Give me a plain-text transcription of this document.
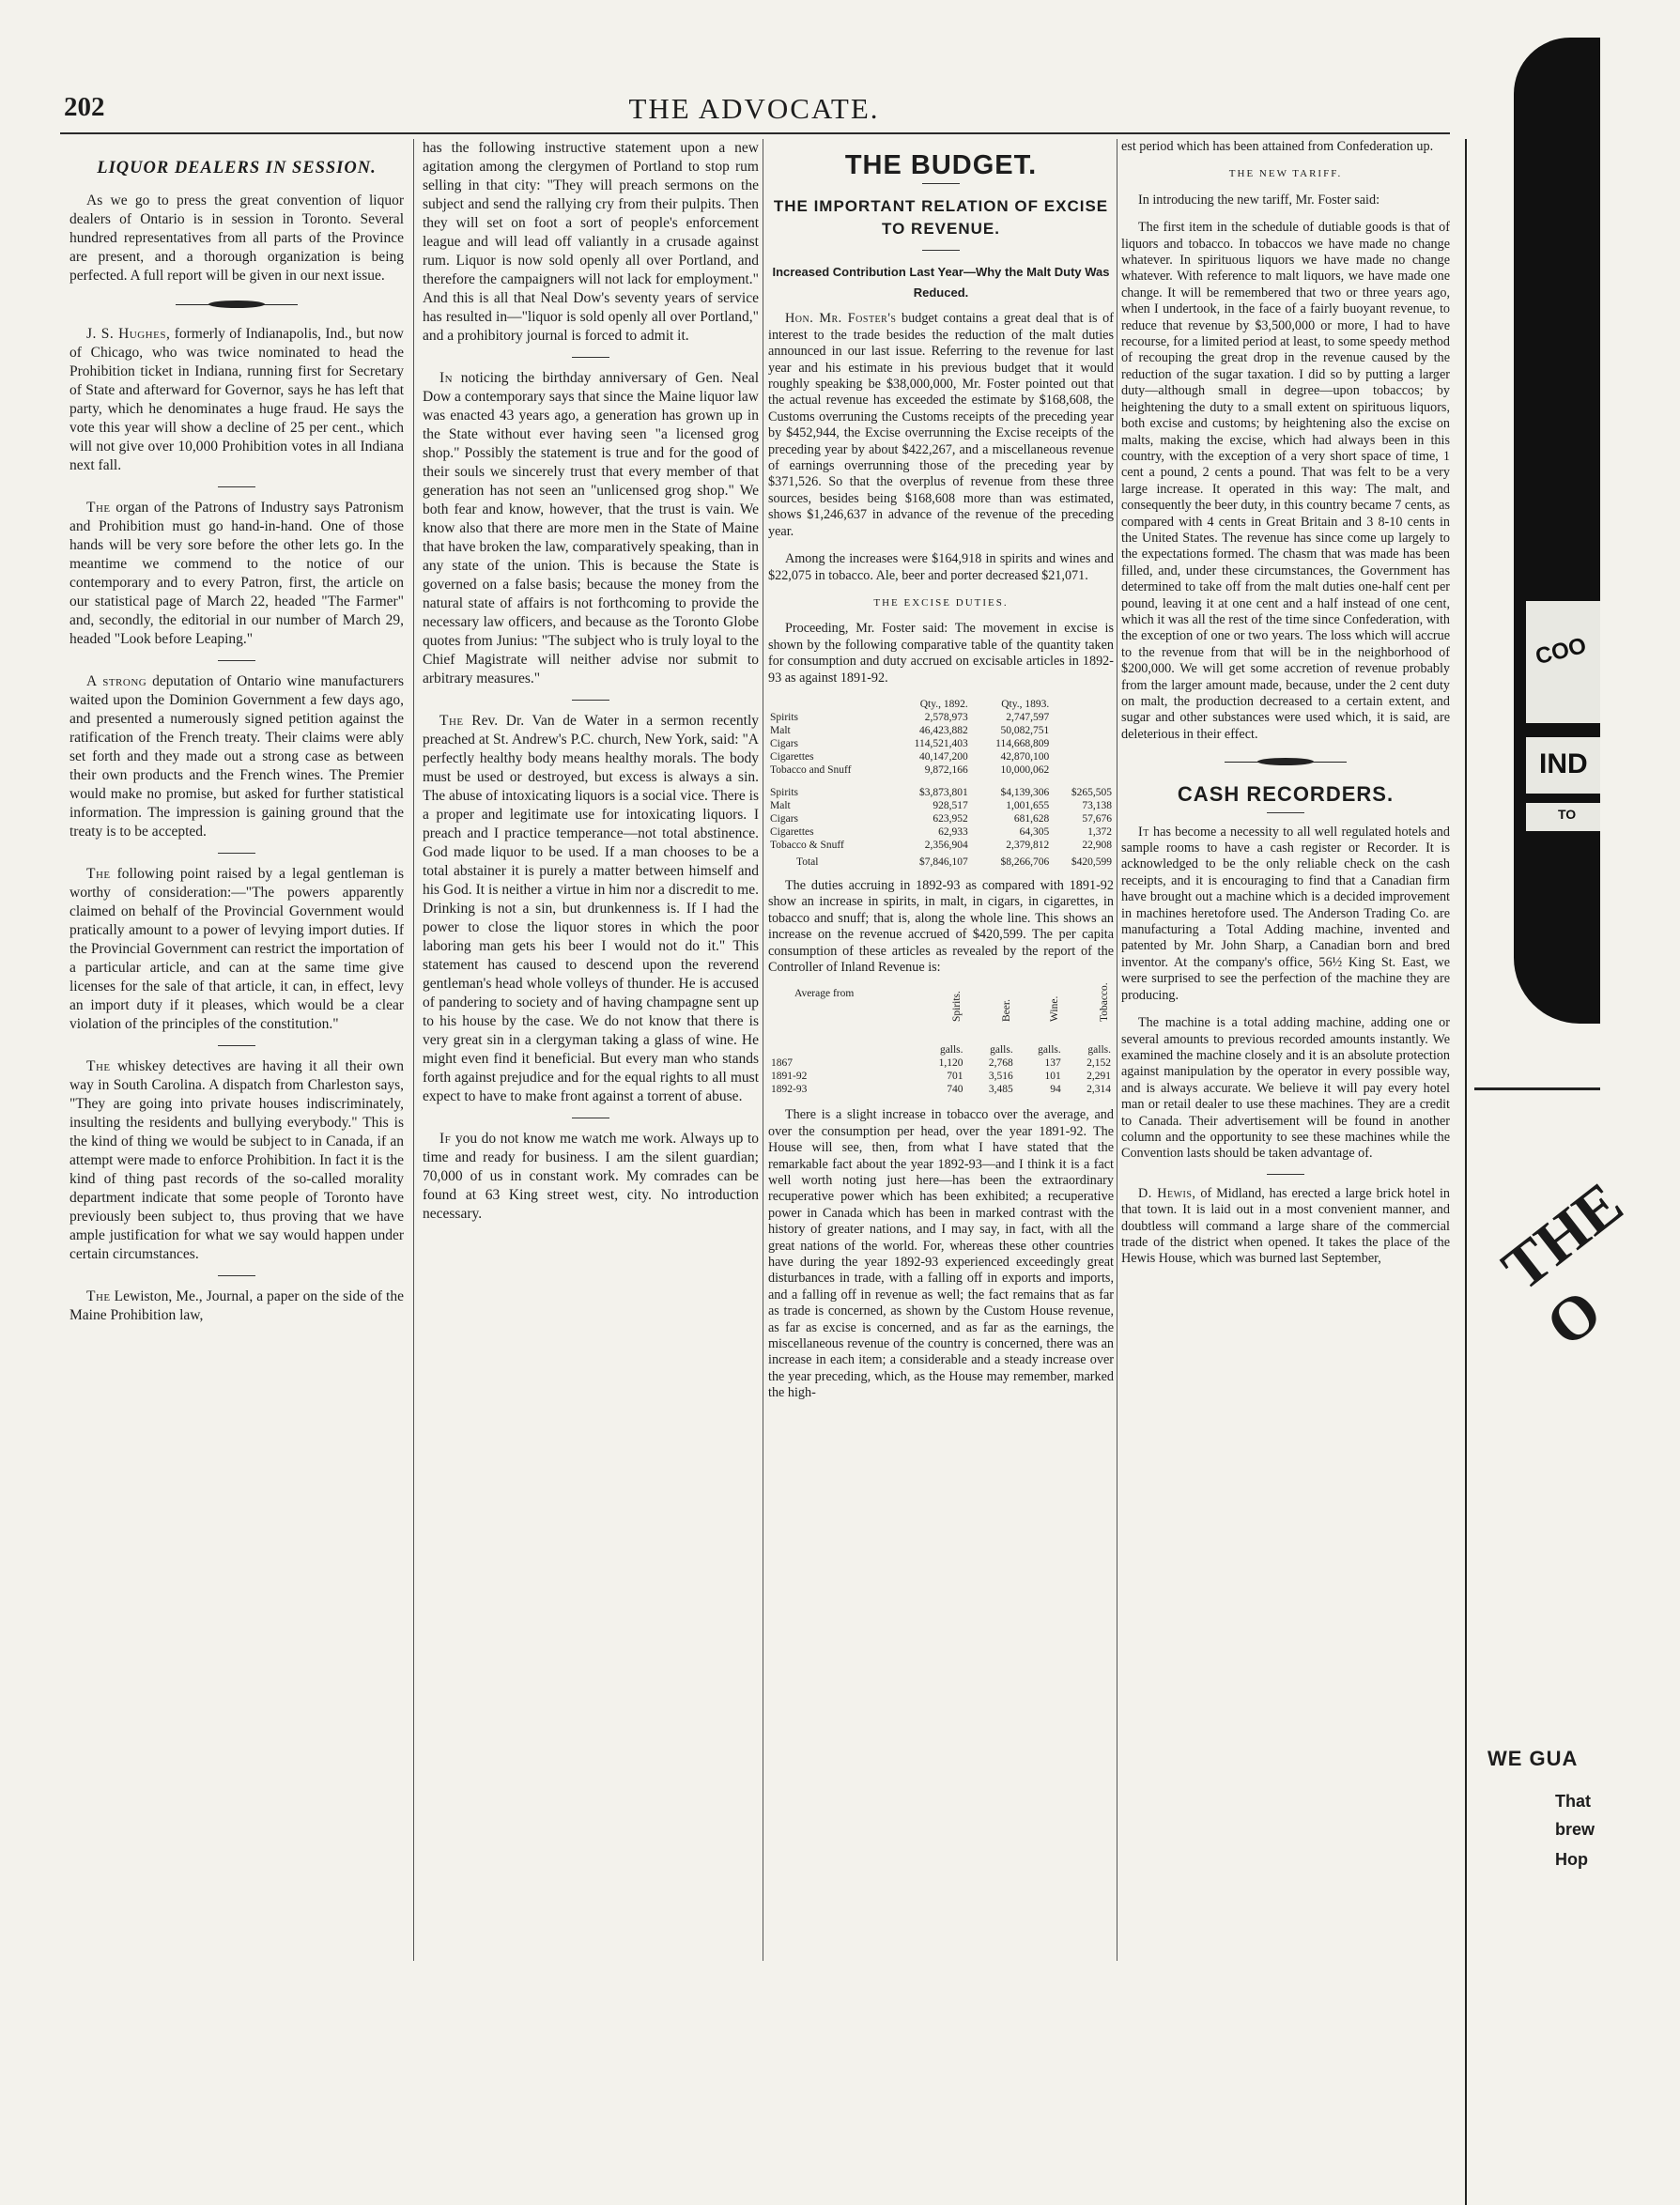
202	THE ADVOCATE.
LIQUOR DEALERS IN SESSION.

As we go to press the great convention of liquor dealers of Ontario is in session in Toronto. Several hundred representatives from all parts of the Province are present, and a thorough organization is being perfected. A full report will be given in our next issue.

J. S. Hughes, formerly of Indianapolis, Ind., but now of Chicago, who was twice nominated to head the Prohibition ticket in Indiana, running first for Secretary of State and afterward for Governor, says he has left that party, which he denominates a huge fraud. He says the vote this year will show a decline of 25 per cent., which will not give over 10,000 Prohibition votes in all Indiana next fall.

The organ of the Patrons of Industry says Patronism and Prohibition must go hand-in-hand. One of those hands will be very sore before the other lets go. In the meantime we commend to the notice of our contemporary and to every Patron, first, the article on our statistical page of March 22, headed "The Farmer" and, secondly, the editorial in our number of March 29, headed "Look before Leaping."

A strong deputation of Ontario wine manufacturers waited upon the Dominion Government a few days ago, and presented a numerously signed petition against the ratification of the French treaty. Their claims were ably set forth and they made out a strong case as between their own products and the French wines. The Premier would make no promise, but asked for further statistical information. The impression is gaining ground that the treaty is to be accepted.

The following point raised by a legal gentleman is worthy of consideration:—"The powers apparently claimed on behalf of the Provincial Government would pratically amount to a power of levying import duties. If the Provincial Government can restrict the importation of a particular article, and can at the same time give licenses for the sale of that article, it can, in effect, levy an import duty if it pleases, which would be a clear violation of the principles of the constitution."

The whiskey detectives are having it all their own way in South Carolina. A dispatch from Charleston says, "They are going into private houses indiscriminately, insulting the residents and bullying everybody." This is the kind of thing we would be subject to in Canada, if an attempt were made to enforce Prohibition. In fact it is the kind of thing past records of the so-called morality department indicate that some people of Toronto have previously been subject to, thus proving that we have ample justification for what we say would happen under certain circumstances.

The Lewiston, Me., Journal, a paper on the side of the Maine Prohibition law,

has the following instructive statement upon a new agitation among the clergymen of Portland to stop rum selling in that city: "They will preach sermons on the subject and send the rallying cry from their pulpits. Then they will set on foot a sort of people's enforcement league and will lead off valiantly in a crusade against rum. Liquor is now sold openly all over Portland, and therefore the campaigners will not lack for employment." And this is all that Neal Dow's seventy years of service has resulted in—"liquor is sold openly all over Portland," and a prohibitory journal is forced to admit it.

In noticing the birthday anniversary of Gen. Neal Dow a contemporary says that since the Maine liquor law was enacted 43 years ago, a generation has grown up in the State without ever having seen "a licensed grog shop." Possibly the statement is true and for the good of their souls we sincerely trust that every member of that generation has not seen an "unlicensed grog shop." We both fear and know, however, that the trust is vain. We know also that there are more men in the State of Maine that have broken the law, comparatively speaking, than in any state of the union. This is because the State is governed on a false basis; because the money from the natural state of affairs is not forthcoming to provide the necessary law officers, and because as the Toronto Globe quotes from Junius: "The subject who is truly loyal to the Chief Magistrate will neither advise nor submit to arbitrary measures."

The Rev. Dr. Van de Water in a sermon recently preached at St. Andrew's P.C. church, New York, said: "A perfectly healthy body means healthy morals. The body must be used or destroyed, but excess is always a sin. The abuse of intoxicating liquors is a social vice. There is a proper and legitimate use for intoxicating liquors. I preach and I practice temperance—not total abstinence. God made liquor to be used. If a man chooses to be a total abstainer it is purely a matter between himself and his God. It is neither a virtue in him nor a discredit to me. Drinking is not a sin, but drunkenness is. If I had the power to close the liquor stores in which the poor laboring man gets his beer I would not do it." This statement has caused to descend upon the reverend gentleman's head whole volleys of thunder. He is accused of pandering to society and of having champagne sent up to his house by the case. We do not know that there is very great sin in a clergyman taking a glass of wine. He might even find it beneficial. But every man who stands forth against prejudice and for the equal rights to all must expect to have to make front against a torrent of abuse.

If you do not know me watch me work. Always up to time and ready for business. I am the silent guardian; 70,000 of us in constant work. My comrades can be found at 63 King street west, city. No introduction necessary.

THE BUDGET.
THE IMPORTANT RELATION OF EXCISE TO REVENUE.
Increased Contribution Last Year—Why the Malt Duty Was Reduced.

Hon. Mr. Foster's budget contains a great deal that is of interest to the trade besides the reduction of the malt duties announced in our last issue. Referring to the revenue for last year and his estimate in his previous budget that it would roughly speaking be $38,000,000, Mr. Foster pointed out that the actual revenue has exceeded the estimate by $168,608, the Customs overruning the Customs receipts of the preceding year by $452,944, the Excise overrunning the Excise receipts of the preceding year by about $422,267, and a miscellaneous revenue of earnings overrunning those of the preceding year by $371,526. So that the overplus of revenue from these three sources, besides being $168,608 more than was estimated, shows $1,246,637 in advance of the revenue of the preceding year.

Among the increases were $164,918 in spirits and wines and $22,075 in tobacco. Ale, beer and porter decreased $21,071.

THE EXCISE DUTIES.

Proceeding, Mr. Foster said: The movement in excise is shown by the following comparative table of the quantity taken for consumption and duty accrued on excisable articles in 1892-93 as against 1891-92.

	Qty., 1892.	Qty., 1893.	
Spirits	2,578,973	2,747,597	
Malt	46,423,882	50,082,751	
Cigars	114,521,403	114,668,809	
Cigarettes	40,147,200	42,870,100	
Tobacco and Snuff	9,872,166	10,000,062	
Spirits	$3,873,801	$4,139,306	$265,505
Malt	928,517	1,001,655	73,138
Cigars	623,952	681,628	57,676
Cigarettes	62,933	64,305	1,372
Tobacco & Snuff	2,356,904	2,379,812	22,908
Total	$7,846,107	$8,266,706	$420,599

The duties accruing in 1892-93 as compared with 1891-92 show an increase in spirits, in malt, in cigars, in cigarettes, in tobacco and snuff; that is, along the whole line. This shows an increase on the revenue accrued of $420,599. The per capita consumption of these articles as revealed by the report of the Controller of Inland Revenue is:

Average from	Spirits.	Beer.	Wine.	Tobacco.
	galls.	galls.	galls.	galls.
1867	1,120	2,768	137	2,152
1891-92	701	3,516	101	2,291
1892-93	740	3,485	94	2,314

There is a slight increase in tobacco over the average, and over the consumption per head, over the year 1891-92. The House will see, then, from what I have stated that the remarkable fact about the year 1892-93—and I think it is a fact well worth noting just here—has been the extraordinary recuperative power which has been exhibited; a recuperative power in Canada which has been in marked contrast with the history of greater nations, and I may say, in fact, with all the great nations of the world. For, whereas these other countries have during the year 1892-93 experienced exceedingly great disturbances in trade, with a falling off in exports and imports, and a falling off in revenue as well; the fact remains that as far as trade is concerned, as shown by the Custom House revenue, as far as excise is concerned, and as far as the earnings, the miscellaneous revenue of the country is concerned, there was an increase in each item; a considerable and a steady increase over the year preceding, which, as the House may remember, marked the high-

est period which has been attained from Confederation up.

THE NEW TARIFF.

In introducing the new tariff, Mr. Foster said:

The first item in the schedule of dutiable goods is that of liquors and tobacco. In tobaccos we have made no change whatever. In spirituous liquors we have made no change whatever. With reference to malt liquors, we have made one change. It will be remembered that two or three years ago, when I undertook, in the face of a fairly buoyant revenue, to reduce that revenue by $3,500,000 or more, I had to have recourse, for a limited period at least, to some speedy method of recouping the great drop in the revenue caused by the reduction of the sugar taxation. I did so by putting a larger duty—although small in degree—upon tobaccos; by heightening the duty to a small extent on spirituous liquors, both excise and customs; by heightening also the excise on malts, making the excise, which had always been in this country, with the exception of a very short space of time, 1 cent a pound, 2 cents a pound. That was felt to be a very large increase. It operated in this way: The malt, and consequently the beer duty, in this country became 7 cents, as compared with 4 cents in Great Britain and 3 8-10 cents in the United States. The revenue has since come up largely to the expectations formed. The chasm that was made has been filled, and, under these circumstances, the Government has determined to take off from the malt duties one-half cent per pound, leaving it at one cent and a half instead of one cent, which it was all the rest of the time since Confederation, with the exception of one or two years. The loss which will accrue to the revenue from that will be in the neighborhood of $200,000. We will get some accretion of revenue probably from the larger amount made, because, under the 2 cent duty on malt, the production decreased to a certain extent, and sugar and other substances were used which, it is said, are deleterious in their effect.

CASH RECORDERS.

It has become a necessity to all well regulated hotels and sample rooms to have a cash register or Recorder. It is acknowledged to be the only reliable check on the cash receipts, and it is encouraging to find that a Canadian firm have brought out a machine which is a decided improvement in machines heretofore used. The Anderson Trading Co. are manufacturing a Total Adding machine, invented and patented by Mr. John Sharp, a Canadian born and bred inventor. At the company's office, 56½ King St. East, we were surprised to see the perfection of the machine they are producing.

The machine is a total adding machine, adding one or several amounts to previous recorded amounts instantly. We examined the machine closely and it is an absolute protection against manipulation by the operator in every possible way, and is always accurate. We believe it will pay every hotel man or retail dealer to use these machines. They are a credit to Canada. Their advertisement will be found in another column and the opportunity to see these machines while the Convention lasts should be taken advantage of.

D. Hewis, of Midland, has erected a large brick hotel in that town. It is laid out in a most convenient manner, and doubtless will command a large share of the commercial trade of the district when opened. It takes the place of the Hewis House, which was burned last September,

COO
IND
TO
THE O
WE GUA
That
brew
Hop
